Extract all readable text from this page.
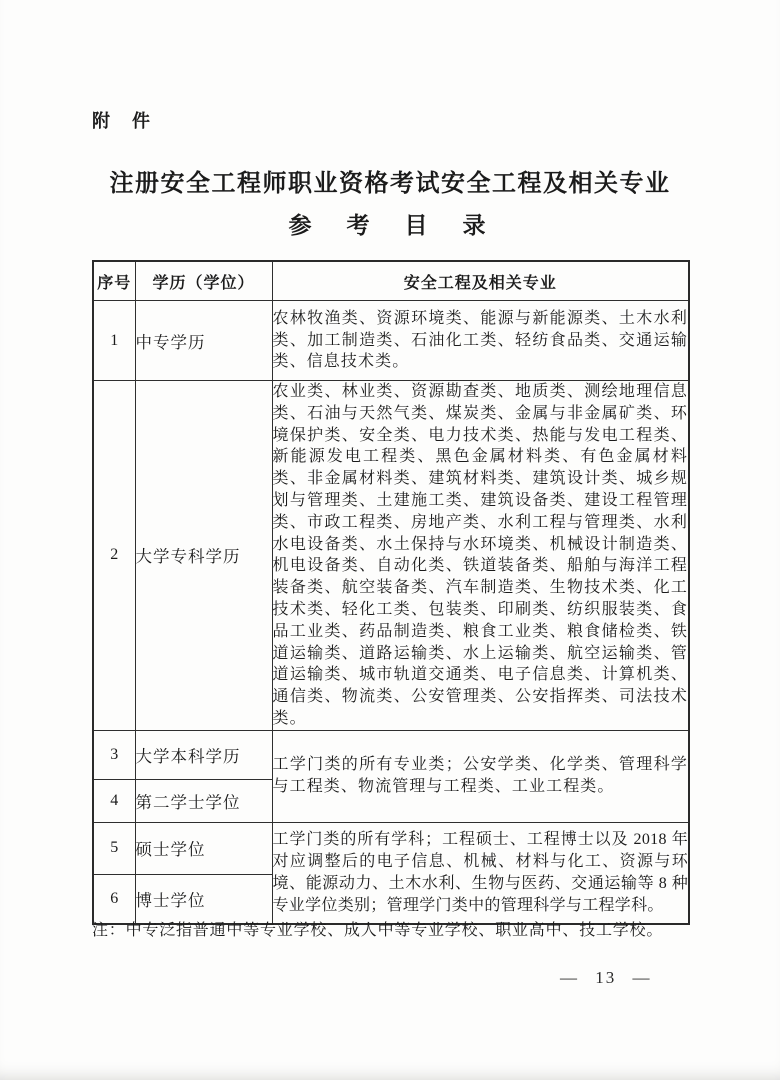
附　件
注册安全工程师职业资格考试安全工程及相关专业
参　考　目　录
序号	学历（学位）	安全工程及相关专业
1	中专学历	农林牧渔类、资源环境类、能源与新能源类、土木水利类、加工制造类、石油化工类、轻纺食品类、交通运输类、信息技术类。
2	大学专科学历	农业类、林业类、资源勘查类、地质类、测绘地理信息类、石油与天然气类、煤炭类、金属与非金属矿类、环境保护类、安全类、电力技术类、热能与发电工程类、新能源发电工程类、黑色金属材料类、有色金属材料类、非金属材料类、建筑材料类、建筑设计类、城乡规划与管理类、土建施工类、建筑设备类、建设工程管理类、市政工程类、房地产类、水利工程与管理类、水利水电设备类、水土保持与水环境类、机械设计制造类、机电设备类、自动化类、铁道装备类、船舶与海洋工程装备类、航空装备类、汽车制造类、生物技术类、化工技术类、轻化工类、包装类、印刷类、纺织服装类、食品工业类、药品制造类、粮食工业类、粮食储检类、铁道运输类、道路运输类、水上运输类、航空运输类、管道运输类、城市轨道交通类、电子信息类、计算机类、通信类、物流类、公安管理类、公安指挥类、司法技术类。
3	大学本科学历	工学门类的所有专业类；公安学类、化学类、管理科学与工程类、物流管理与工程类、工业工程类。
4	第二学士学位	
5	硕士学位	工学门类的所有学科；工程硕士、工程博士以及 2018 年对应调整后的电子信息、机械、材料与化工、资源与环境、能源动力、土木水利、生物与医药、交通运输等 8 种专业学位类别；管理学门类中的管理科学与工程学科。
6	博士学位	
注：中专泛指普通中等专业学校、成人中等专业学校、职业高中、技工学校。
— 13 —
